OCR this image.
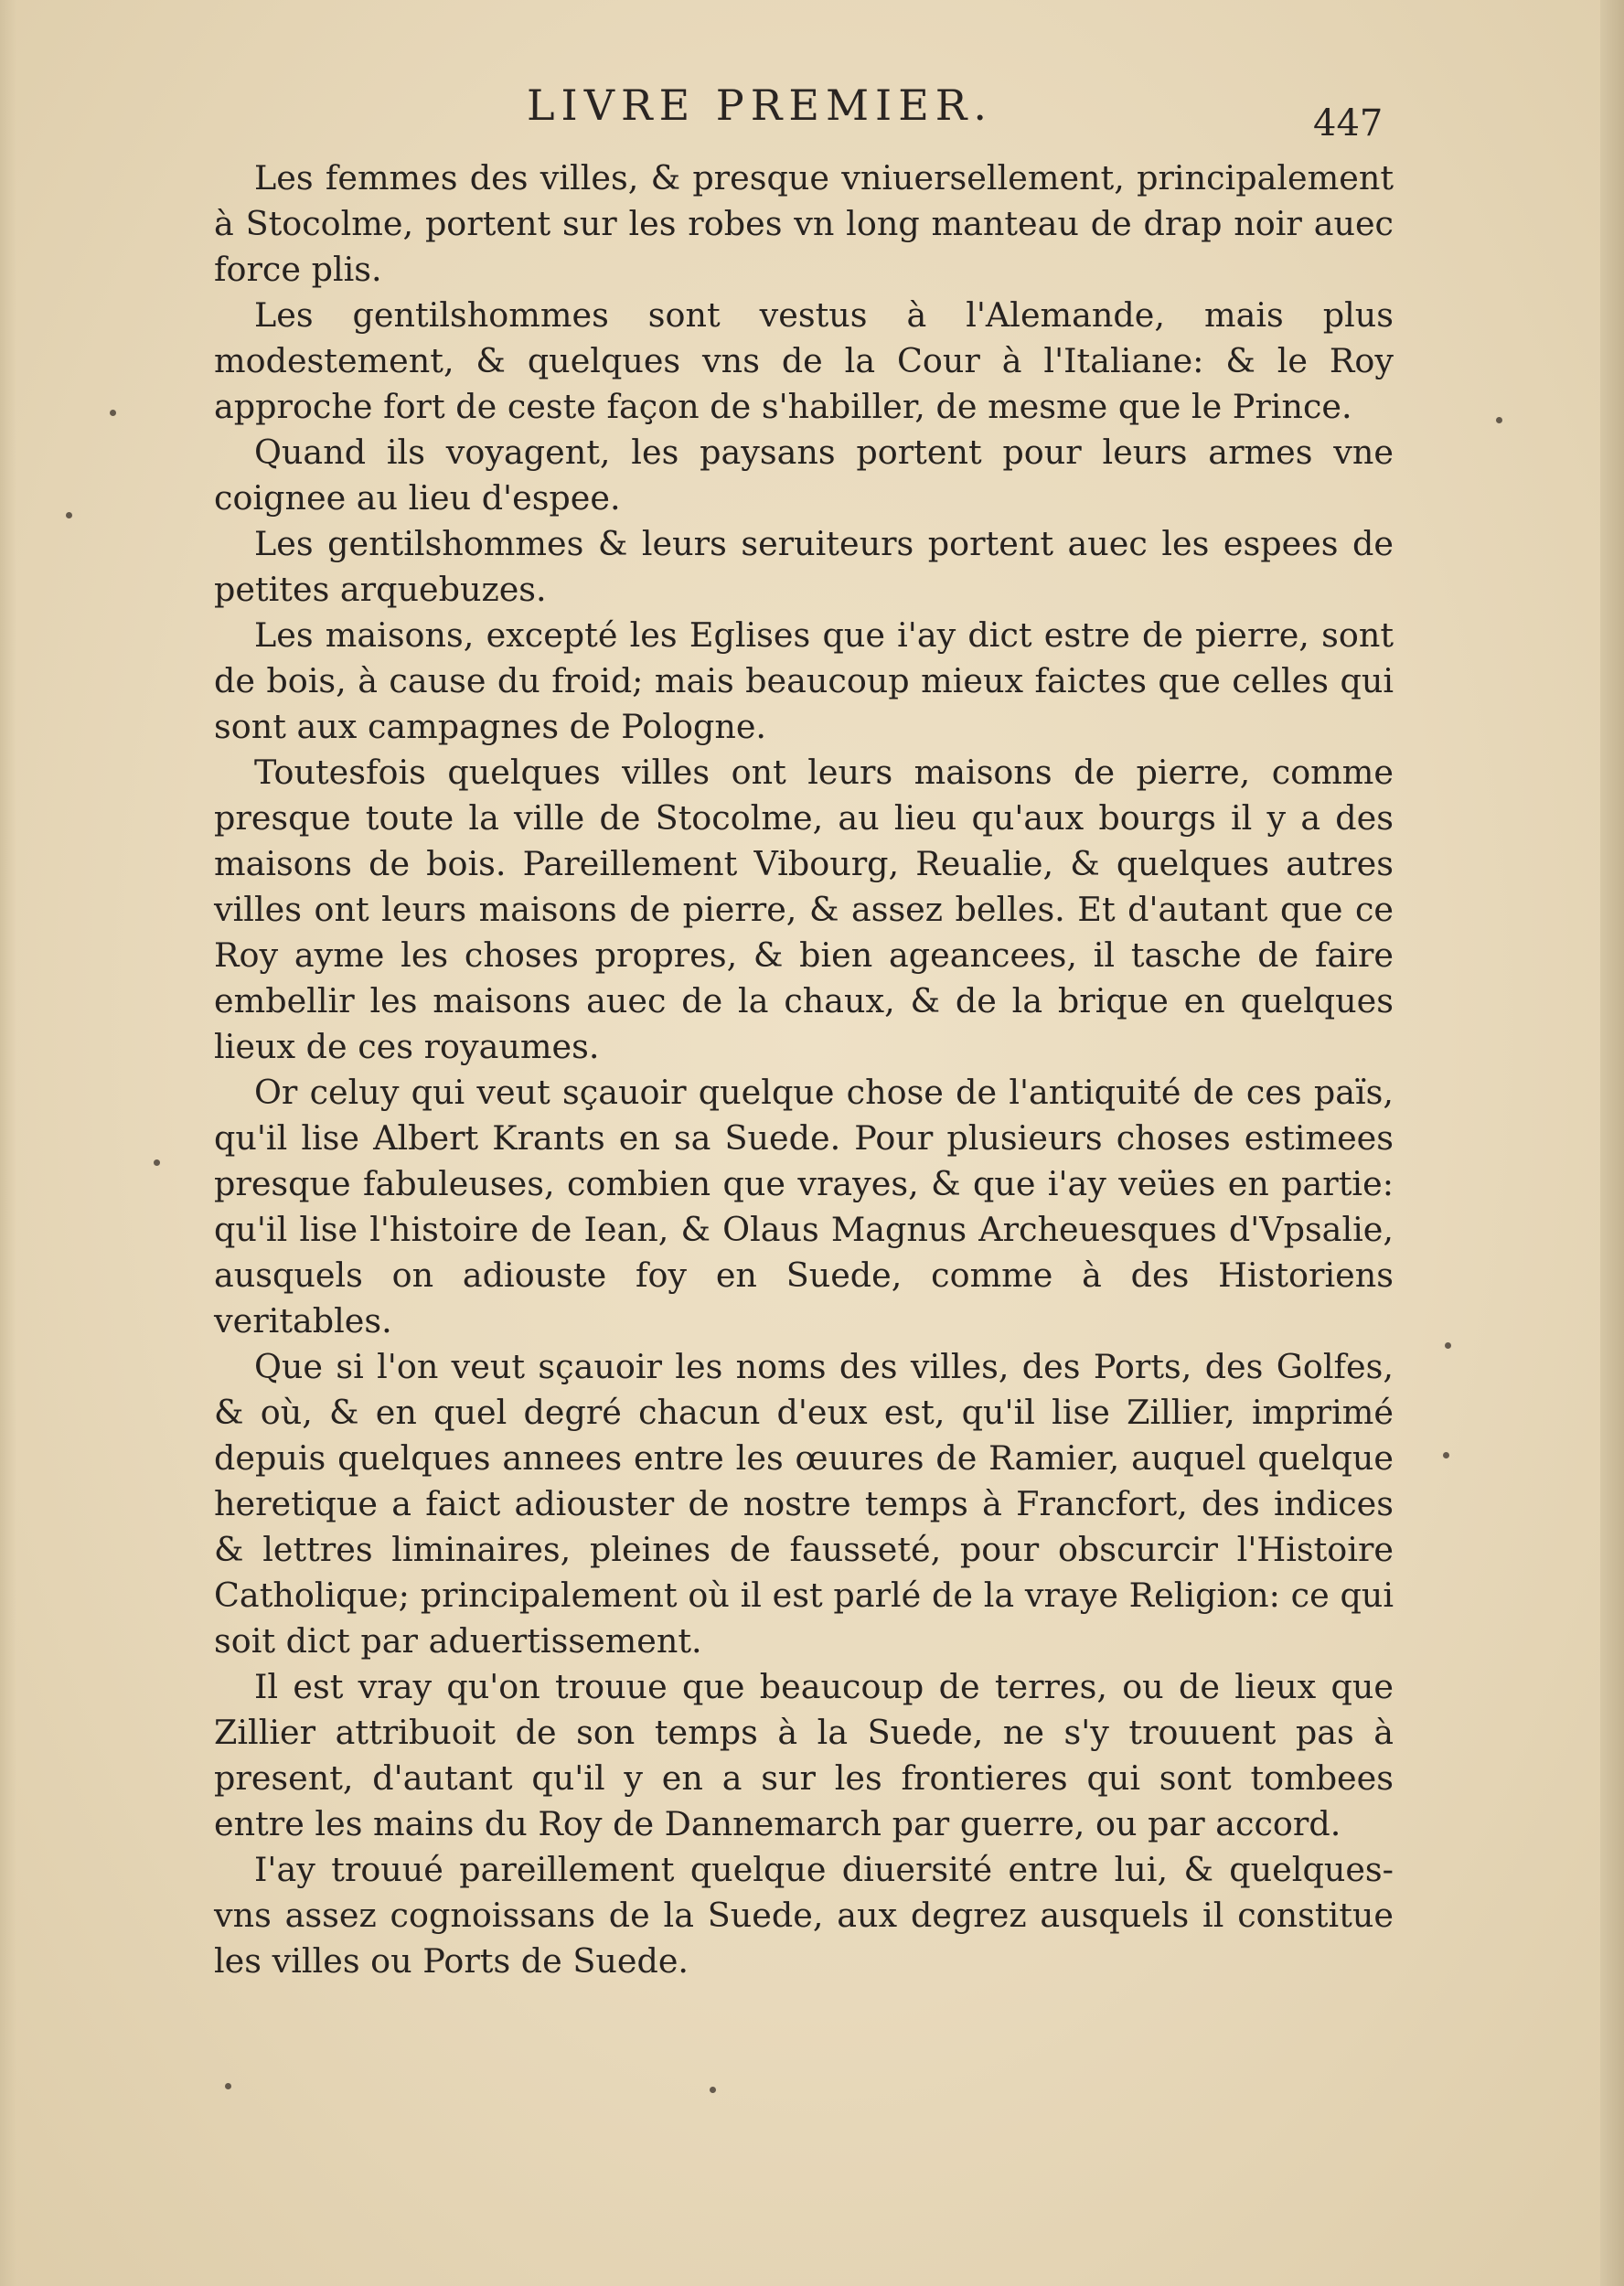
LIVRE PREMIER.	447

Les femmes des villes, & presque vniuersellement, principalement à Stocolme, portent sur les robes vn long manteau de drap noir auec force plis.

Les gentilshommes sont vestus à l'Alemande, mais plus modestement, & quelques vns de la Cour à l'Italiane: & le Roy approche fort de ceste façon de s'habiller, de mesme que le Prince.

Quand ils voyagent, les paysans portent pour leurs armes vne coignee au lieu d'espee.

Les gentilshommes & leurs seruiteurs portent auec les espees de petites arquebuzes.

Les maisons, excepté les Eglises que i'ay dict estre de pierre, sont de bois, à cause du froid; mais beaucoup mieux faictes que celles qui sont aux campagnes de Pologne.

Toutesfois quelques villes ont leurs maisons de pierre, comme presque toute la ville de Stocolme, au lieu qu'aux bourgs il y a des maisons de bois. Pareillement Vibourg, Reualie, & quelques autres villes ont leurs maisons de pierre, & assez belles. Et d'autant que ce Roy ayme les choses propres, & bien ageancees, il tasche de faire embellir les maisons auec de la chaux, & de la brique en quelques lieux de ces royaumes.

Or celuy qui veut sçauoir quelque chose de l'antiquité de ces païs, qu'il lise Albert Krants en sa Suede. Pour plusieurs choses estimees presque fabuleuses, combien que vrayes, & que i'ay veües en partie: qu'il lise l'histoire de Iean, & Olaus Magnus Archeuesques d'Vpsalie, ausquels on adiouste foy en Suede, comme à des Historiens veritables.

Que si l'on veut sçauoir les noms des villes, des Ports, des Golfes, & où, & en quel degré chacun d'eux est, qu'il lise Zillier, imprimé depuis quelques annees entre les œuures de Ramier, auquel quelque heretique a faict adiouster de nostre temps à Francfort, des indices & lettres liminaires, pleines de fausseté, pour obscurcir l'Histoire Catholique; principalement où il est parlé de la vraye Religion: ce qui soit dict par aduertissement.

Il est vray qu'on trouue que beaucoup de terres, ou de lieux que Zillier attribuoit de son temps à la Suede, ne s'y trouuent pas à present, d'autant qu'il y en a sur les frontieres qui sont tombees entre les mains du Roy de Dannemarch par guerre, ou par accord.

I'ay trouué pareillement quelque diuersité entre lui, & quelques-vns assez cognoissans de la Suede, aux degrez ausquels il constitue les villes ou Ports de Suede.
